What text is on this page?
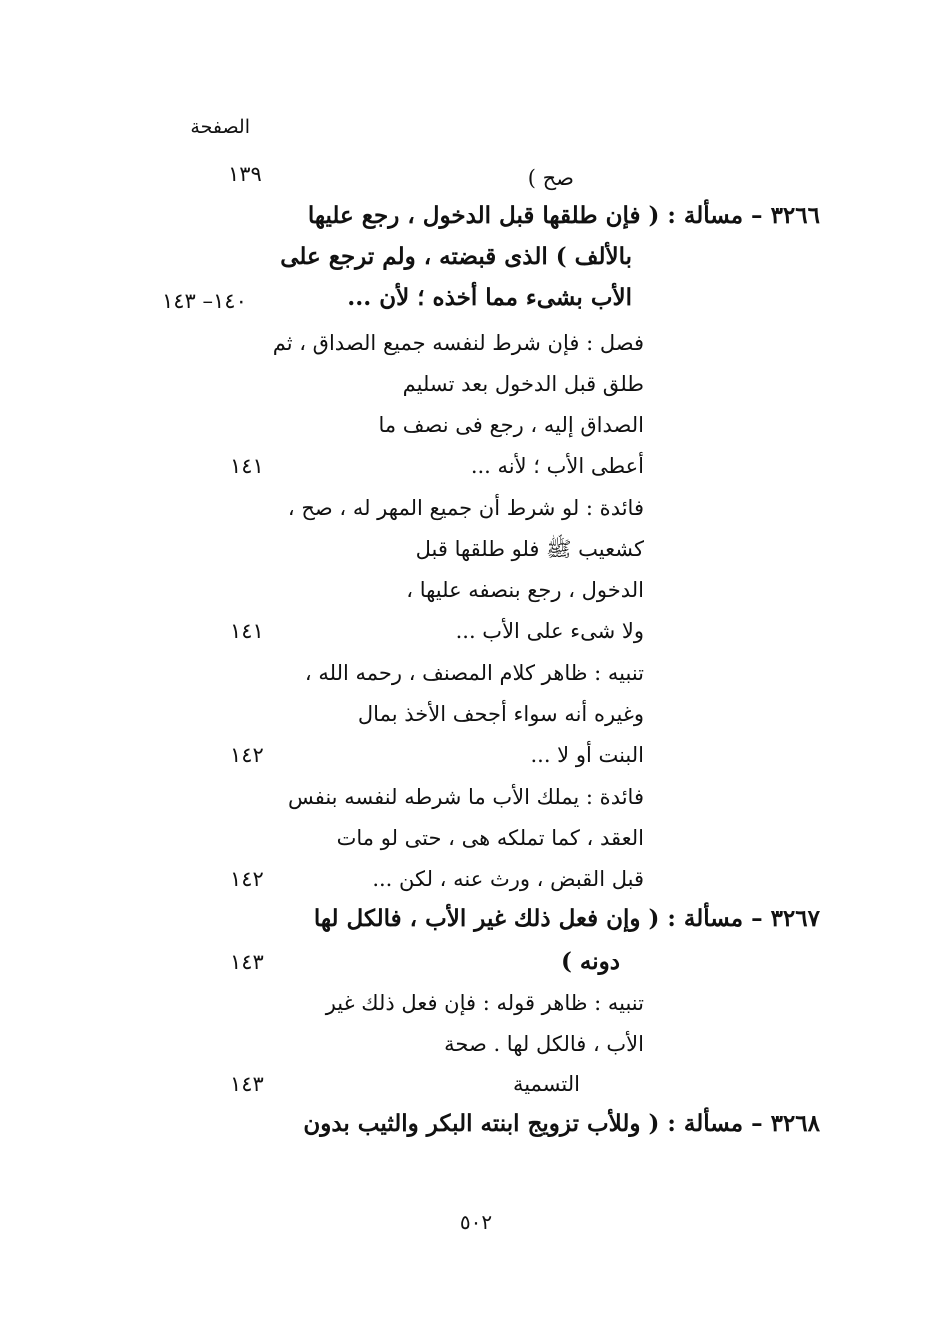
الصفحة
صح )
١٣٩
٣٢٦٦ – مسألة : ( فإن طلقها قبل الدخول ، رجع عليها
بالألف ) الذى قبضته ، ولم ترجع على
الأب بشىء مما أخذه ؛ لأن ...
١٤٠– ١٤٣
فصل : فإن شرط لنفسه جميع الصداق ، ثم
طلق قبل الدخول بعد تسليم
الصداق إليه ، رجع فى نصف ما
أعطى الأب ؛ لأنه ...
١٤١
فائدة : لو شرط أن جميع المهر له ، صح ،
كشعيب ﷺ فلو طلقها قبل
الدخول ، رجع بنصفه عليها ،
ولا شىء على الأب ...
١٤١
تنبيه : ظاهر كلام المصنف ، رحمه الله ،
وغيره أنه سواء أجحف الأخذ بمال
البنت أو لا ...
١٤٢
فائدة : يملك الأب ما شرطه لنفسه بنفس
العقد ، كما تملكه هى ، حتى لو مات
قبل القبض ، ورث عنه ، لكن ...
١٤٢
٣٢٦٧ – مسألة : ( وإن فعل ذلك غير الأب ، فالكل لها
دونه )
١٤٣
تنبيه : ظاهر قوله : فإن فعل ذلك غير
الأب ، فالكل لها . صحة
التسمية
١٤٣
٣٢٦٨ – مسألة : ( وللأب تزويج ابنته البكر والثيب بدون
٥٠٢
